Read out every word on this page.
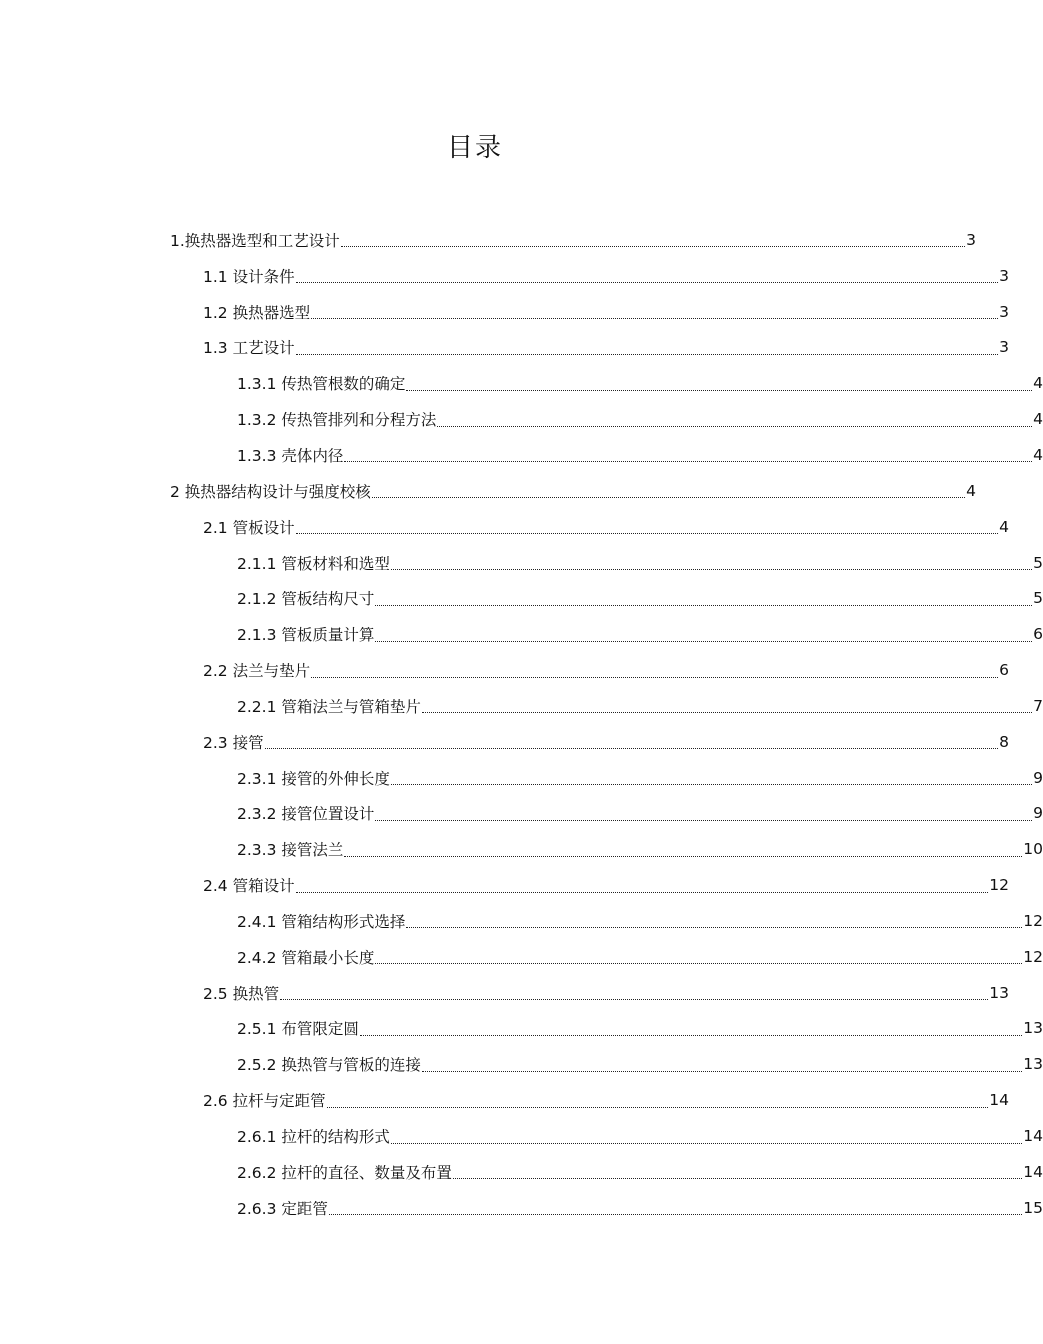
目录
1.换热器选型和工艺设计	3
1.1 设计条件	3
1.2 换热器选型	3
1.3 工艺设计	3
1.3.1 传热管根数的确定	4
1.3.2 传热管排列和分程方法	4
1.3.3 壳体内径	4
2 换热器结构设计与强度校核	4
2.1 管板设计	4
2.1.1 管板材料和选型	5
2.1.2 管板结构尺寸	5
2.1.3 管板质量计算	6
2.2 法兰与垫片	6
2.2.1 管箱法兰与管箱垫片	7
2.3 接管	8
2.3.1 接管的外伸长度	9
2.3.2 接管位置设计	9
2.3.3 接管法兰	10
2.4 管箱设计	12
2.4.1 管箱结构形式选择	12
2.4.2 管箱最小长度	12
2.5 换热管	13
2.5.1 布管限定圆	13
2.5.2 换热管与管板的连接	13
2.6 拉杆与定距管	14
2.6.1 拉杆的结构形式	14
2.6.2 拉杆的直径、数量及布置	14
2.6.3 定距管	15
